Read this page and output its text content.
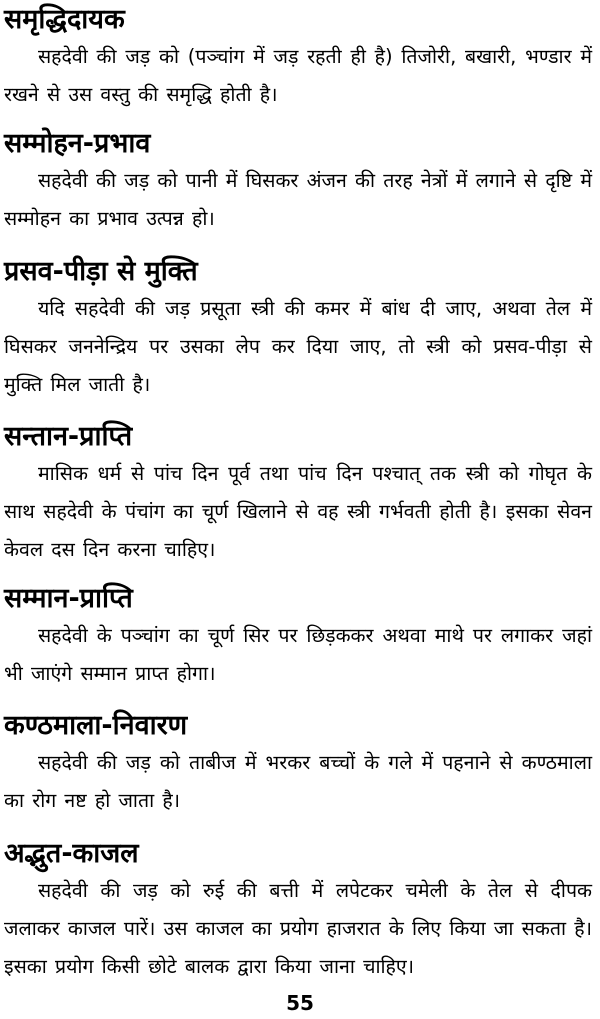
समृद्धिदायक

सहदेवी की जड़ को (पञ्चांग में जड़ रहती ही है) तिजोरी, बखारी, भण्डार में रखने से उस वस्तु की समृद्धि होती है।

सम्मोहन-प्रभाव

सहदेवी की जड़ को पानी में घिसकर अंजन की तरह नेत्रों में लगाने से दृष्टि में सम्मोहन का प्रभाव उत्पन्न हो।

प्रसव-पीड़ा से मुक्ति

यदि सहदेवी की जड़ प्रसूता स्त्री की कमर में बांध दी जाए, अथवा तेल में घिसकर जननेन्द्रिय पर उसका लेप कर दिया जाए, तो स्त्री को प्रसव-पीड़ा से मुक्ति मिल जाती है।

सन्तान-प्राप्ति

मासिक धर्म से पांच दिन पूर्व तथा पांच दिन पश्चात् तक स्त्री को गोघृत के साथ सहदेवी के पंचांग का चूर्ण खिलाने से वह स्त्री गर्भवती होती है। इसका सेवन केवल दस दिन करना चाहिए।

सम्मान-प्राप्ति

सहदेवी के पञ्चांग का चूर्ण सिर पर छिड़ककर अथवा माथे पर लगाकर जहां भी जाएंगे सम्मान प्राप्त होगा।

कण्ठमाला-निवारण

सहदेवी की जड़ को ताबीज में भरकर बच्चों के गले में पहनाने से कण्ठमाला का रोग नष्ट हो जाता है।

अद्भुत-काजल

सहदेवी की जड़ को रुई की बत्ती में लपेटकर चमेली के तेल से दीपक जलाकर काजल पारें। उस काजल का प्रयोग हाजरात के लिए किया जा सकता है। इसका प्रयोग किसी छोटे बालक द्वारा किया जाना चाहिए।

55
